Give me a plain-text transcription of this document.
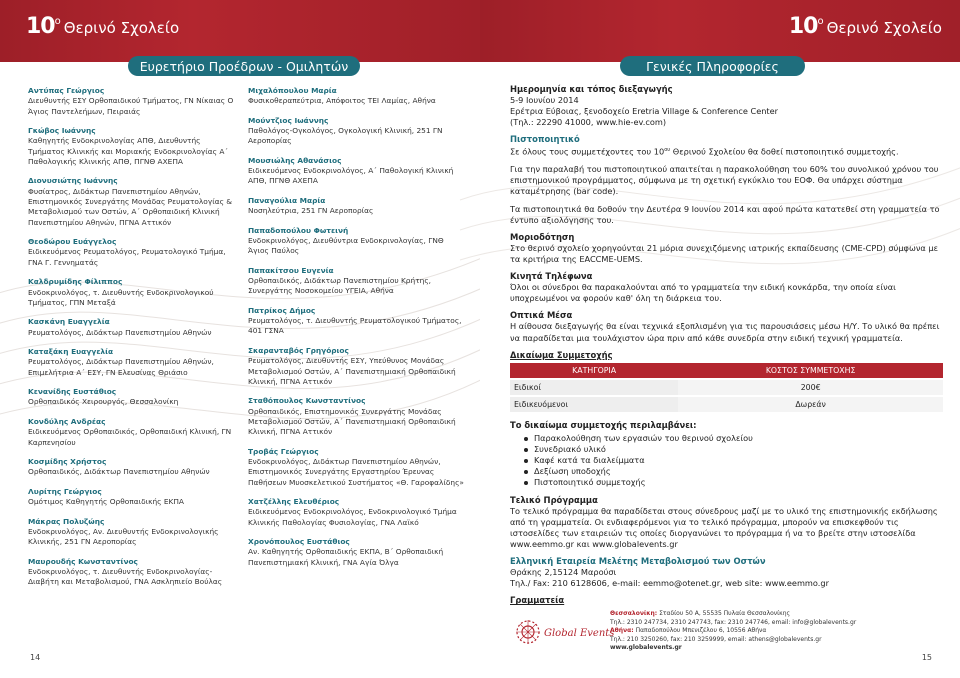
10 ο Θερινό Σχολείο
Ευρετήριο Προέδρων - Ομιλητών
Αντύπας Γεώργιος
Διευθυντής ΕΣΥ Ορθοπαιδικού Τμήματος, ΓΝ Νίκαιας Ο Άγιος Παντελεήμων, Πειραιάς
Γκώβος Ιωάννης
Καθηγητής Ενδοκρινολογίας ΑΠΘ, Διευθυντής Τμήματος Κλινικής και Μοριακής Ενδοκρινολογίας Α΄ Παθολογικής Κλινικής ΑΠΘ, ΠΓΝΘ ΑΧΕΠΑ
Διονυσιώτης Ιωάννης
Φυσίατρος, Διδάκτωρ Πανεπιστημίου Αθηνών, Επιστημονικός Συνεργάτης Μονάδας Ρευματολογίας & Μεταβολισμού των Οστών, Α΄ Ορθοπαιδική Κλινική Πανεπιστημίου Αθηνών, ΠΓΝΑ Αττικόν
Θεοδώρου Ευάγγελος
Ειδικευόμενος Ρευματολόγος, Ρευματολογικό Τμήμα, ΓΝΑ Γ. Γεννηματάς
Καλδρυμίδης Φίλιππος
Ενδοκρινολόγος, τ. Διευθυντής Ενδοκρινολογικού Τμήματος, ΓΠΝ Μεταξά
Κασκάνη Ευαγγελία
Ρευματολόγος, Διδάκτωρ Πανεπιστημίου Αθηνών
Καταξάκη Ευαγγελία
Ρευματολόγος, Διδάκτωρ Πανεπιστημίου Αθηνών, Επιμελήτρια Α΄ ΕΣΥ, ΓΝ Ελευσίνας Θριάσιο
Κενανίδης Ευστάθιος
Ορθοπαιδικός Χειρουργός, Θεσσαλονίκη
Κονδύλης Ανδρέας
Ειδικευόμενος Ορθοπαιδικός, Ορθοπαιδική Κλινική, ΓΝ Καρπενησίου
Κοσμίδης Χρήστος
Ορθοπαιδικός, Διδάκτωρ Πανεπιστημίου Αθηνών
Λυρίτης Γεώργιος
Ομότιμος Καθηγητής Ορθοπαιδικής ΕΚΠΑ
Μάκρας Πολυζώης
Ενδοκρινολόγος, Αν. Διευθυντής Ενδοκρινολογικής Κλινικής, 251 ΓΝ Αεροπορίας
Μαυρουδής Κωνσταντίνος
Ενδοκρινολόγος, τ. Διευθυντής Ενδοκρινολογίας-Διαβήτη και Μεταβολισμού, ΓΝΑ Ασκληπιείο Βούλας
Μιχαλόπουλου Μαρία
Φυσικοθεραπεύτρια, Απόφοιτος ΤΕΙ Λαμίας, Αθήνα
Μούντζιος Ιωάννης
Παθολόγος-Ογκολόγος, Ογκολογική Κλινική, 251 ΓΝ Αεροπορίας
Μουσιώλης Αθανάσιος
Ειδικευόμενος Ενδοκρινολόγος, Α΄ Παθολογική Κλινική ΑΠΘ, ΠΓΝΘ ΑΧΕΠΑ
Παναγούλια Μαρία
Νοσηλεύτρια, 251 ΓΝ Αεροπορίας
Παπαδοπούλου Φωτεινή
Ενδοκρινολόγος, Διευθύντρια Ενδοκρινολογίας, ΓΝΘ Άγιος Παύλος
Παπακίτσου Ευγενία
Ορθοπαιδικός, Διδάκτωρ Πανεπιστημίου Κρήτης, Συνεργάτης Νοσοκομείου ΥΓΕΙΑ, Αθήνα
Πατρίκος Δήμος
Ρευματολόγος, τ. Διευθυντής Ρευματολογικού Τμήματος, 401 ΓΣΝΑ
Σκαρανταβός Γρηγόριος
Ρευματολόγος, Διευθυντής ΕΣΥ, Υπεύθυνος Μονάδας Μεταβολισμού Οστών, Α΄ Πανεπιστημιακή Ορθοπαιδική Κλινική, ΠΓΝΑ Αττικόν
Σταθόπουλος Κωνσταντίνος
Ορθοπαιδικός, Επιστημονικός Συνεργάτης Μονάδας Μεταβολισμού Οστών, Α΄ Πανεπιστημιακή Ορθοπαιδική Κλινική, ΠΓΝΑ Αττικόν
Τροβάς Γεώργιος
Ενδοκρινολόγος, Διδάκτωρ Πανεπιστημίου Αθηνών, Επιστημονικός Συνεργάτης Εργαστηρίου Έρευνας Παθήσεων Μυοσκελετικού Συστήματος «Θ. Γαροφαλίδης»
Χατζέλλης Ελευθέριος
Ειδικευόμενος Ενδοκρινολόγος, Ενδοκρινολογικό Τμήμα Κλινικής Παθολογίας Φυσιολογίας, ΓΝΑ Λαϊκό
Χρονόπουλος Ευστάθιος
Αν. Καθηγητής Ορθοπαιδικής ΕΚΠΑ, Β΄ Ορθοπαιδική Πανεπιστημιακή Κλινική, ΓΝΑ Αγία Όλγα
14
10 ο Θερινό Σχολείο
Γενικές Πληροφορίες
Ημερομηνία και τόπος διεξαγωγής
5-9 Ιουνίου 2014
Ερέτρια Εύβοιας, ξενοδοχείο Eretria Village & Conference Center
(Τηλ.: 22290 41000, www.hie-ev.com)
Πιστοποιητικό

Σε όλους τους συμμετέχοντες του $10^{o\upsilon}$ Θερινού Σχολείου θα δοθεί πιστοποιητικό συμμετοχής.

Για την παραλαβή του πιστοποιητικού απαιτείται η παρακολούθηση του 60% του συνολικού χρόνου του επιστημονικού προγράμματος, σύμφωνα με τη σχετική εγκύκλιο του ΕΟΦ. Θα υπάρχει σύστημα καταμέτρησης (bar code).

Τα πιστοποιητικά θα δοθούν την Δευτέρα 9 Ιουνίου 2014 και αφού πρώτα κατατεθεί στη γραμματεία το έντυπο αξιολόγησης του.

Μοριοδότηση
Στο θερινό σχολείο χορηγούνται 21 μόρια συνεχιζόμενης ιατρικής εκπαίδευσης (CME-CPD) σύμφωνα με τα κριτήρια της EACCME-UEMS.
Κινητά Τηλέφωνα
Όλοι οι σύνεδροι θα παρακαλούνται από το γραμματεία την ειδική κονκάρδα, την οποία είναι υποχρεωμένοι να φορούν καθ' όλη τη διάρκεια του.
Οπτικά Μέσα
Η αίθουσα διεξαγωγής θα είναι τεχνικά εξοπλισμένη για τις παρουσιάσεις μέσω Η/Υ. Το υλικό θα πρέπει να παραδίδεται μια τουλάχιστον ώρα πριν από κάθε συνεδρία στην ειδική τεχνική γραμματεία.
Δικαίωμα Συμμετοχής
ΚΑΤΗΓΟΡΙΑ	ΚΟΣΤΟΣ ΣΥΜΜΕΤΟΧΗΣ
Ειδικοί	200€
Ειδικευόμενοι	Δωρεάν
Το δικαίωμα συμμετοχής περιλαμβάνει:
Παρακολούθηση των εργασιών του θερινού σχολείου
Συνεδριακό υλικό
Καφέ κατά τα διαλείμματα
Δεξίωση υποδοχής
Πιστοποιητικό συμμετοχής
Τελικό Πρόγραμμα
Το τελικό πρόγραμμα θα παραδίδεται στους σύνεδρους μαζί με το υλικό της επιστημονικής εκδήλωσης από τη γραμματεία. Οι ενδιαφερόμενοι για το τελικό πρόγραμμα, μπορούν να επισκεφθούν τις ιστοσελίδες των εταιρειών τις οποίες διοργανώνει το πρόγραμμα ή να το βρείτε στην ιστοσελίδα www.eemmo.gr και www.globalevents.gr
Ελληνική Εταιρεία Μελέτης Μεταβολισμού των Οστών
Θράκης 2,15124 Μαρούσι
Τηλ./ Fax: 210 6128606, e-mail: eemmo@otenet.gr, web site: www.eemmo.gr
Γραμματεία
Global Events
Θεσσαλονίκη: Σταδίου 50 Α, 55535 Πυλαία Θεσσαλονίκης
Τηλ.: 2310 247734, 2310 247743, fax: 2310 247746, email: info@globalevents.gr
Αθήνα: Παπαδοπούλου Μπενιζέλου 6, 10556 Αθήνα
Τηλ.: 210 3250260, fax: 210 3259999, email: athens@globalevents.gr
www.globalevents.gr
15
